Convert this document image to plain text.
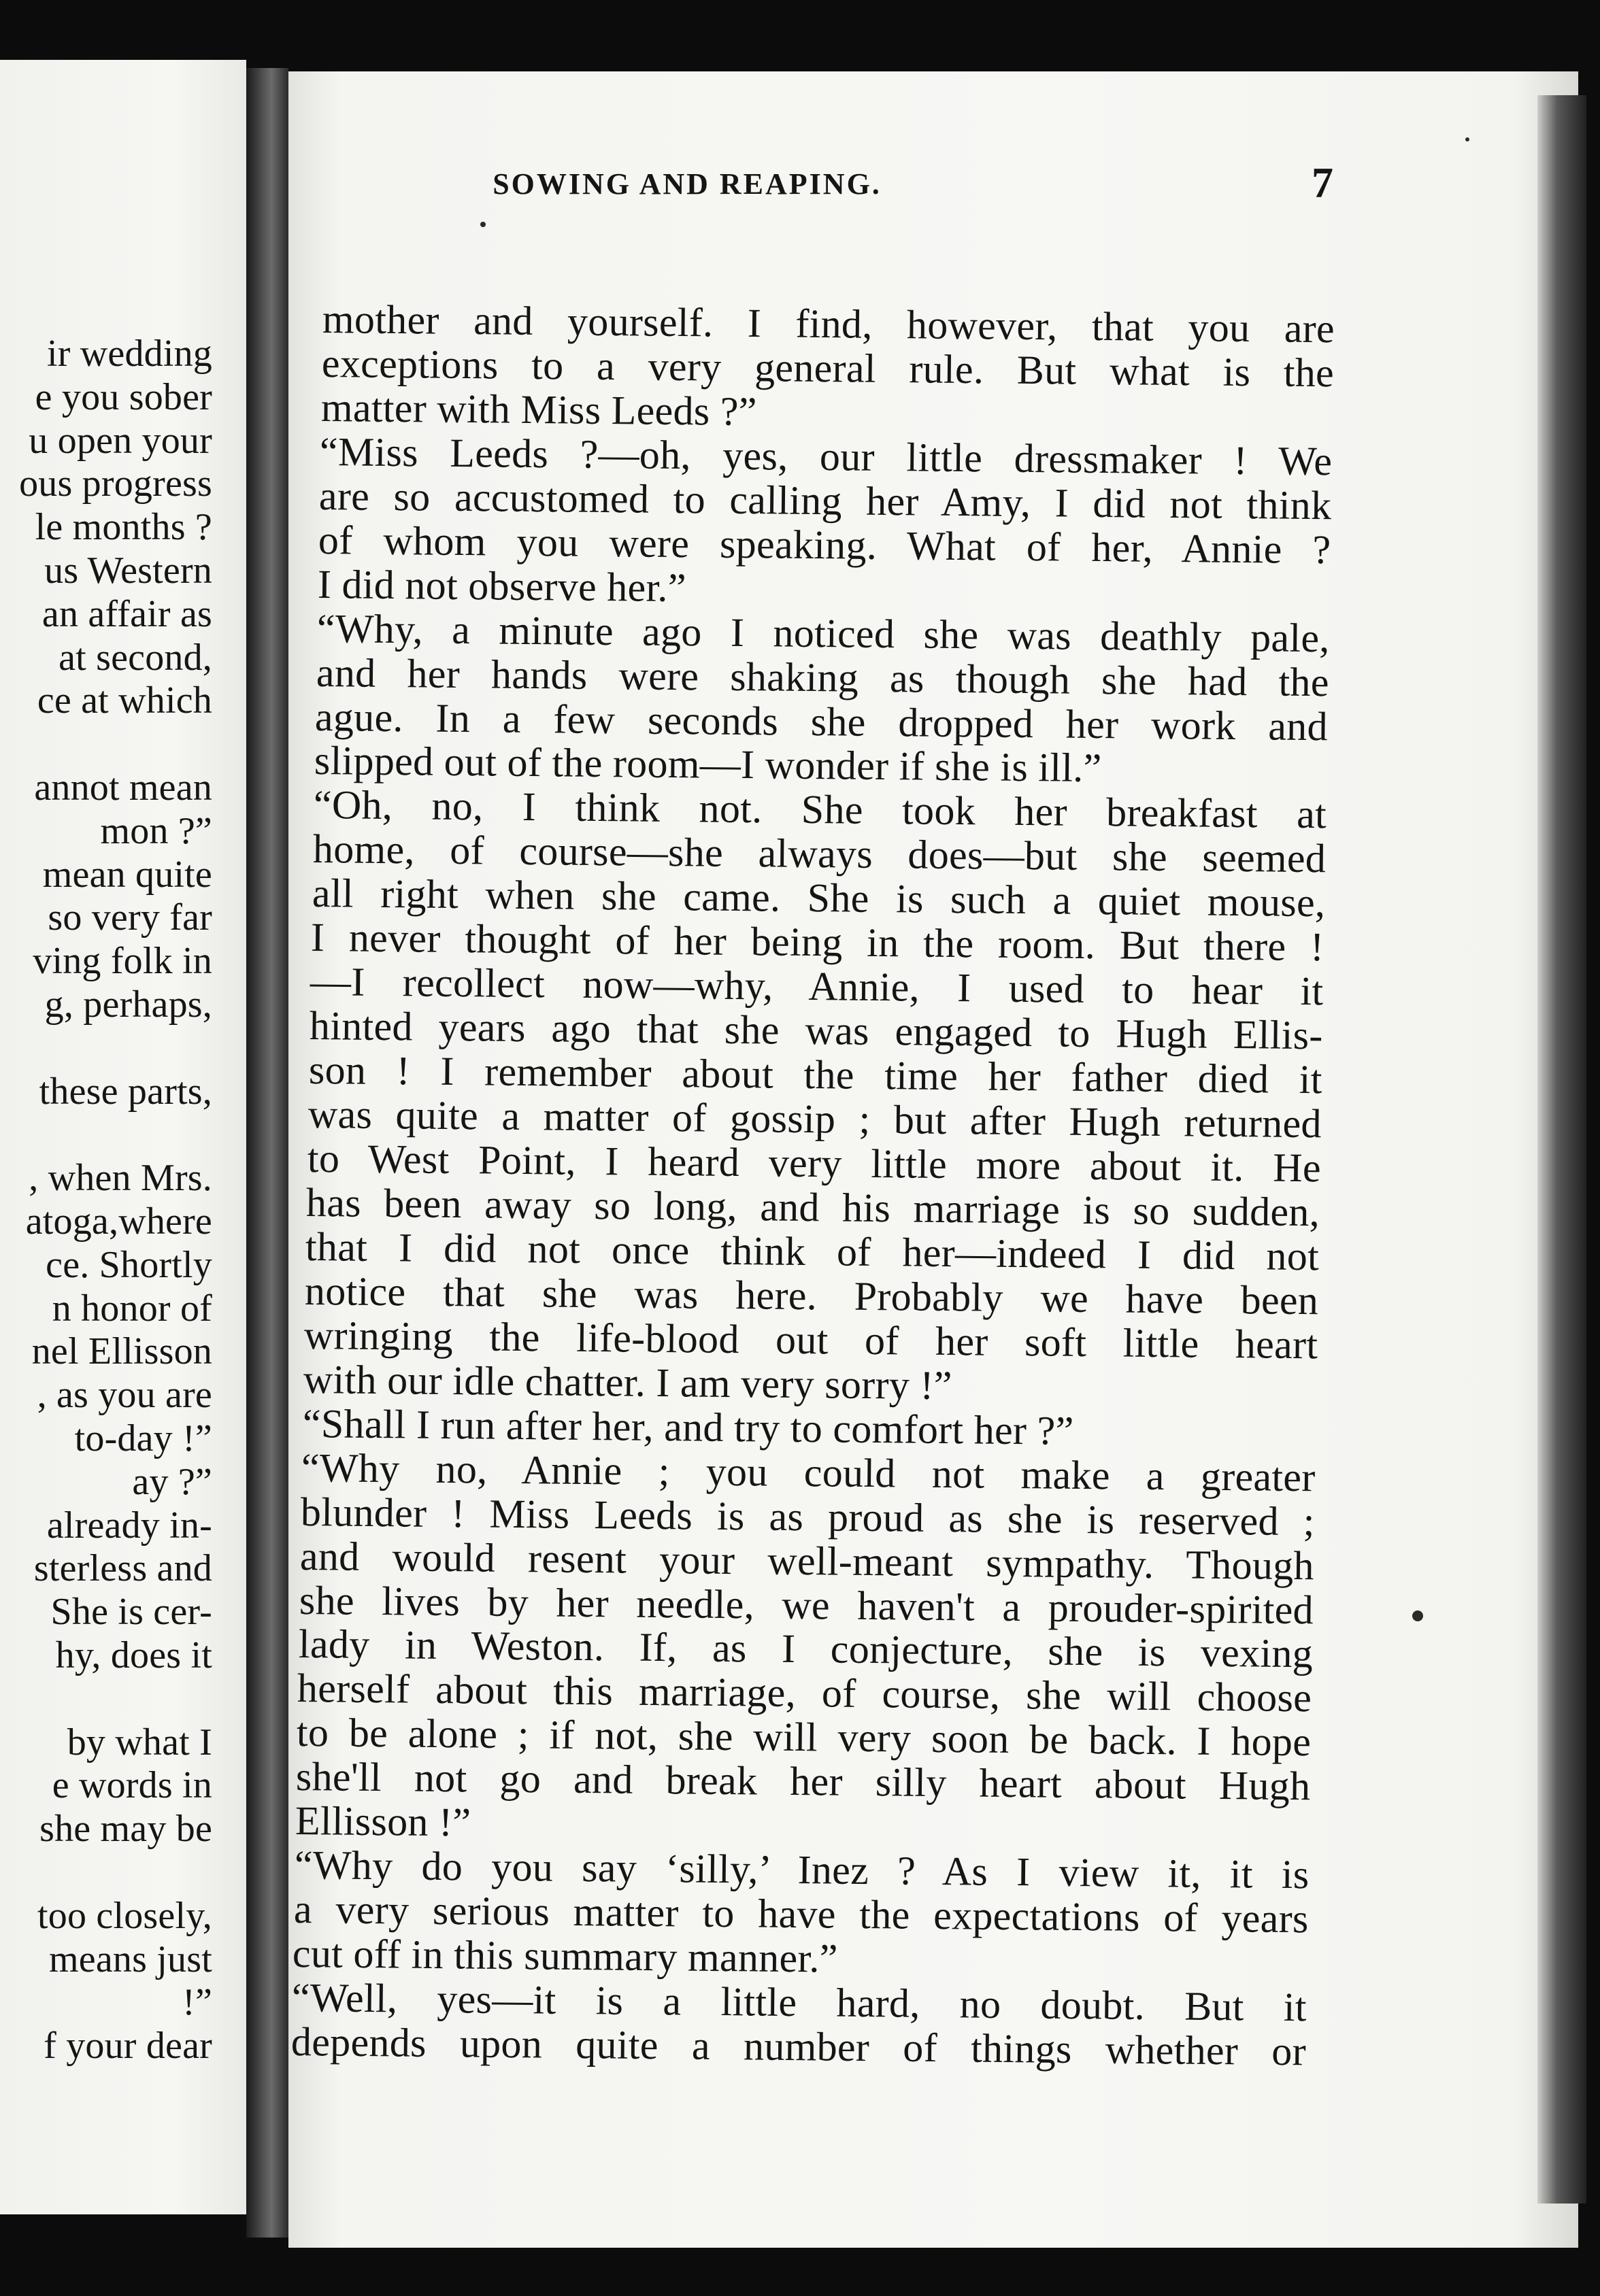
ir wedding
e you sober
u open your
ous progress
le months ?
us Western
an affair as
at second,
ce at which
annot mean
mon ?”
mean quite
so very far
ving folk in
g, perhaps,
these parts,
, when Mrs.
atoga,where
ce. Shortly
n honor of
nel Ellisson
, as you are
to-day !”
ay ?”
already in-
sterless and
She is cer-
hy, does it
by what I
e words in
she may be
too closely,
means just
!”
f your dear
SOWING AND REAPING.	7
mother and yourself. I find, however, that you are
exceptions to a very general rule. But what is the
matter with Miss Leeds ?”
“Miss Leeds ?—oh, yes, our little dressmaker ! We
are so accustomed to calling her Amy, I did not think
of whom you were speaking. What of her, Annie ?
I did not observe her.”
“Why, a minute ago I noticed she was deathly pale,
and her hands were shaking as though she had the
ague. In a few seconds she dropped her work and
slipped out of the room—I wonder if she is ill.”
“Oh, no, I think not. She took her breakfast at
home, of course—she always does—but she seemed
all right when she came. She is such a quiet mouse,
I never thought of her being in the room. But there !
—I recollect now—why, Annie, I used to hear it
hinted years ago that she was engaged to Hugh Ellis-
son ! I remember about the time her father died it
was quite a matter of gossip ; but after Hugh returned
to West Point, I heard very little more about it. He
has been away so long, and his marriage is so sudden,
that I did not once think of her—indeed I did not
notice that she was here. Probably we have been
wringing the life-blood out of her soft little heart
with our idle chatter. I am very sorry !”
“Shall I run after her, and try to comfort her ?”
“Why no, Annie ; you could not make a greater
blunder ! Miss Leeds is as proud as she is reserved ;
and would resent your well-meant sympathy. Though
she lives by her needle, we haven't a prouder-spirited
lady in Weston. If, as I conjecture, she is vexing
herself about this marriage, of course, she will choose
to be alone ; if not, she will very soon be back. I hope
she'll not go and break her silly heart about Hugh
Ellisson !”
“Why do you say ‘silly,’ Inez ? As I view it, it is
a very serious matter to have the expectations of years
cut off in this summary manner.”
“Well, yes—it is a little hard, no doubt. But it
depends upon quite a number of things whether or
